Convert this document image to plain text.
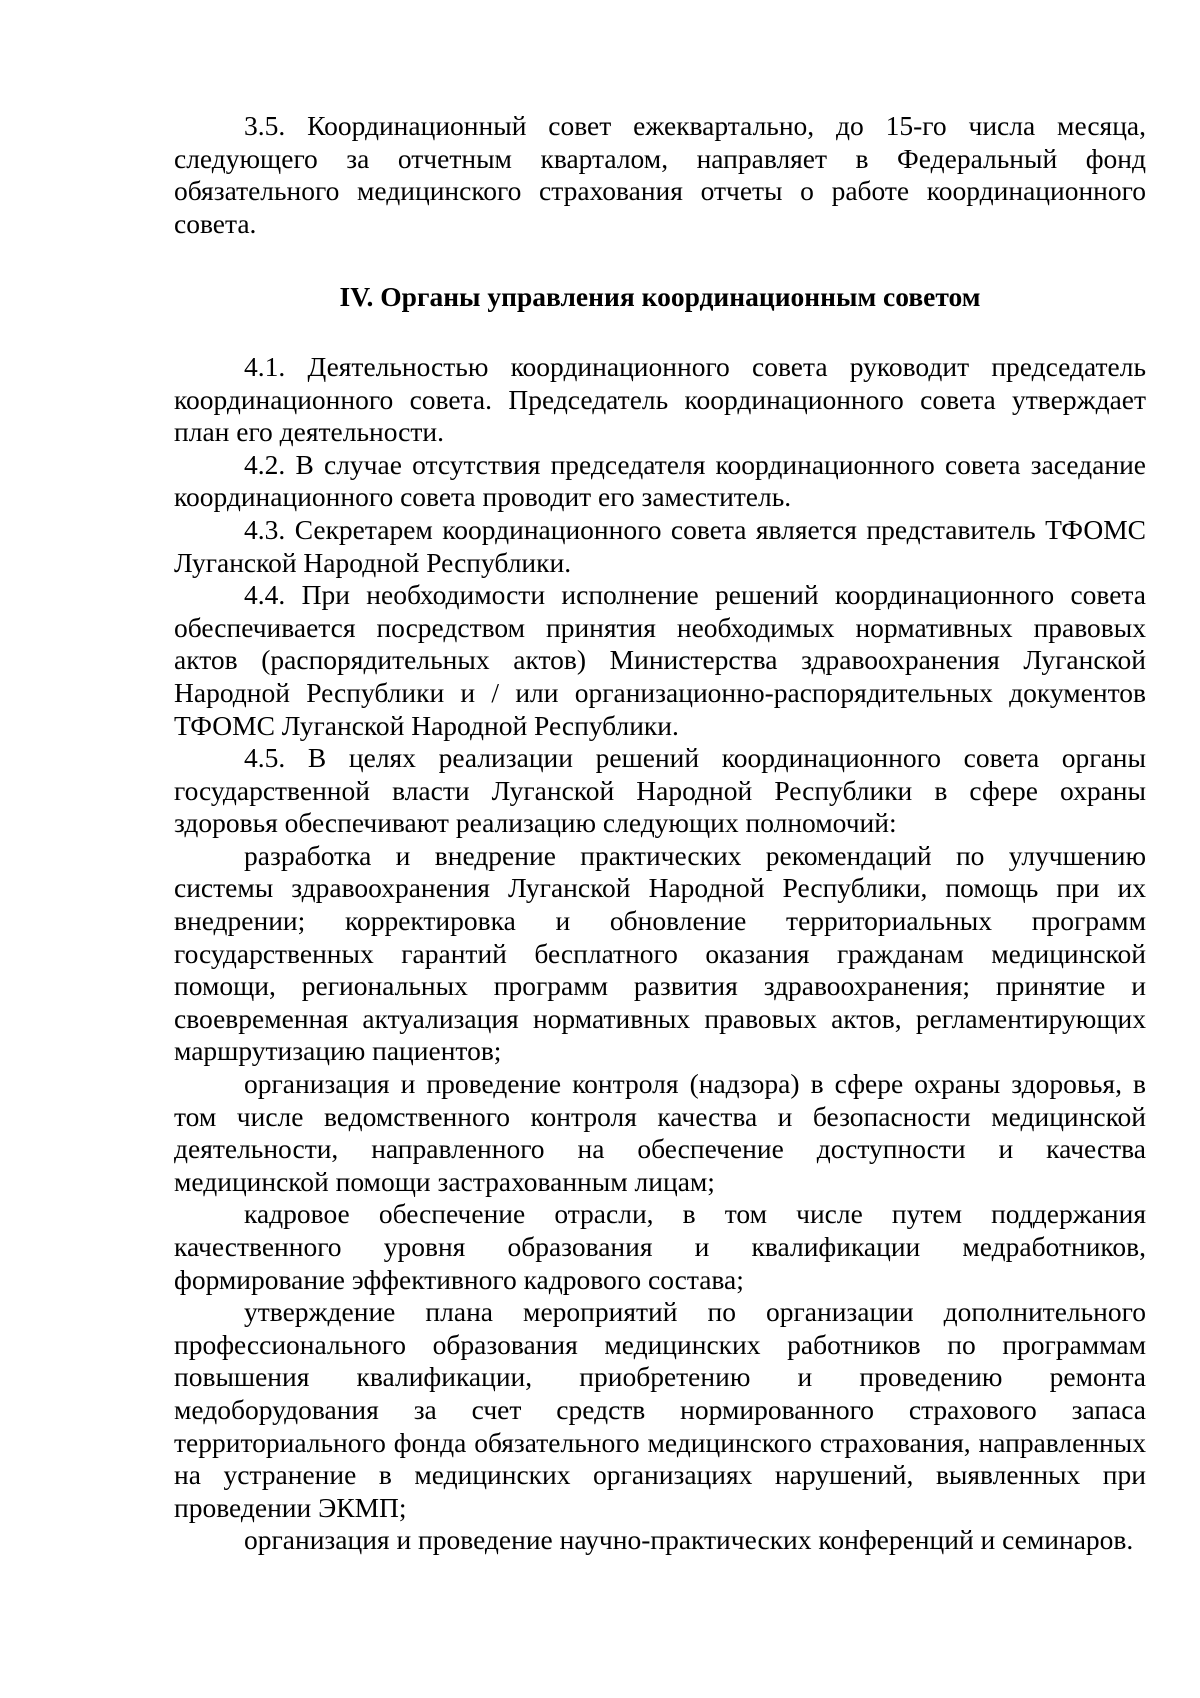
3.5. Координационный совет ежеквартально, до 15-го числа месяца, следующего за отчетным кварталом, направляет в Федеральный фонд обязательного медицинского страхования отчеты о работе координационного совета.

IV. Органы управления координационным советом

4.1. Деятельностью координационного совета руководит председатель координационного совета. Председатель координационного совета утверждает план его деятельности.

4.2. В случае отсутствия председателя координационного совета заседание координационного совета проводит его заместитель.

4.3. Секретарем координационного совета является представитель ТФОМС Луганской Народной Республики.

4.4. При необходимости исполнение решений координационного совета обеспечивается посредством принятия необходимых нормативных правовых актов (распорядительных актов) Министерства здравоохранения Луганской Народной Республики и / или организационно-распорядительных документов ТФОМС Луганской Народной Республики.

4.5. В целях реализации решений координационного совета органы государственной власти Луганской Народной Республики в сфере охраны здоровья обеспечивают реализацию следующих полномочий:

разработка и внедрение практических рекомендаций по улучшению системы здравоохранения Луганской Народной Республики, помощь при их внедрении; корректировка и обновление территориальных программ государственных гарантий бесплатного оказания гражданам медицинской помощи, региональных программ развития здравоохранения; принятие и своевременная актуализация нормативных правовых актов, регламентирующих маршрутизацию пациентов;

организация и проведение контроля (надзора) в сфере охраны здоровья, в том числе ведомственного контроля качества и безопасности медицинской деятельности, направленного на обеспечение доступности и качества медицинской помощи застрахованным лицам;

кадровое обеспечение отрасли, в том числе путем поддержания качественного уровня образования и квалификации медработников, формирование эффективного кадрового состава;

утверждение плана мероприятий по организации дополнительного профессионального образования медицинских работников по программам повышения квалификации, приобретению и проведению ремонта медоборудования за счет средств нормированного страхового запаса территориального фонда обязательного медицинского страхования, направленных на устранение в медицинских организациях нарушений, выявленных при проведении ЭКМП;

организация и проведение научно-практических конференций и семинаров.
